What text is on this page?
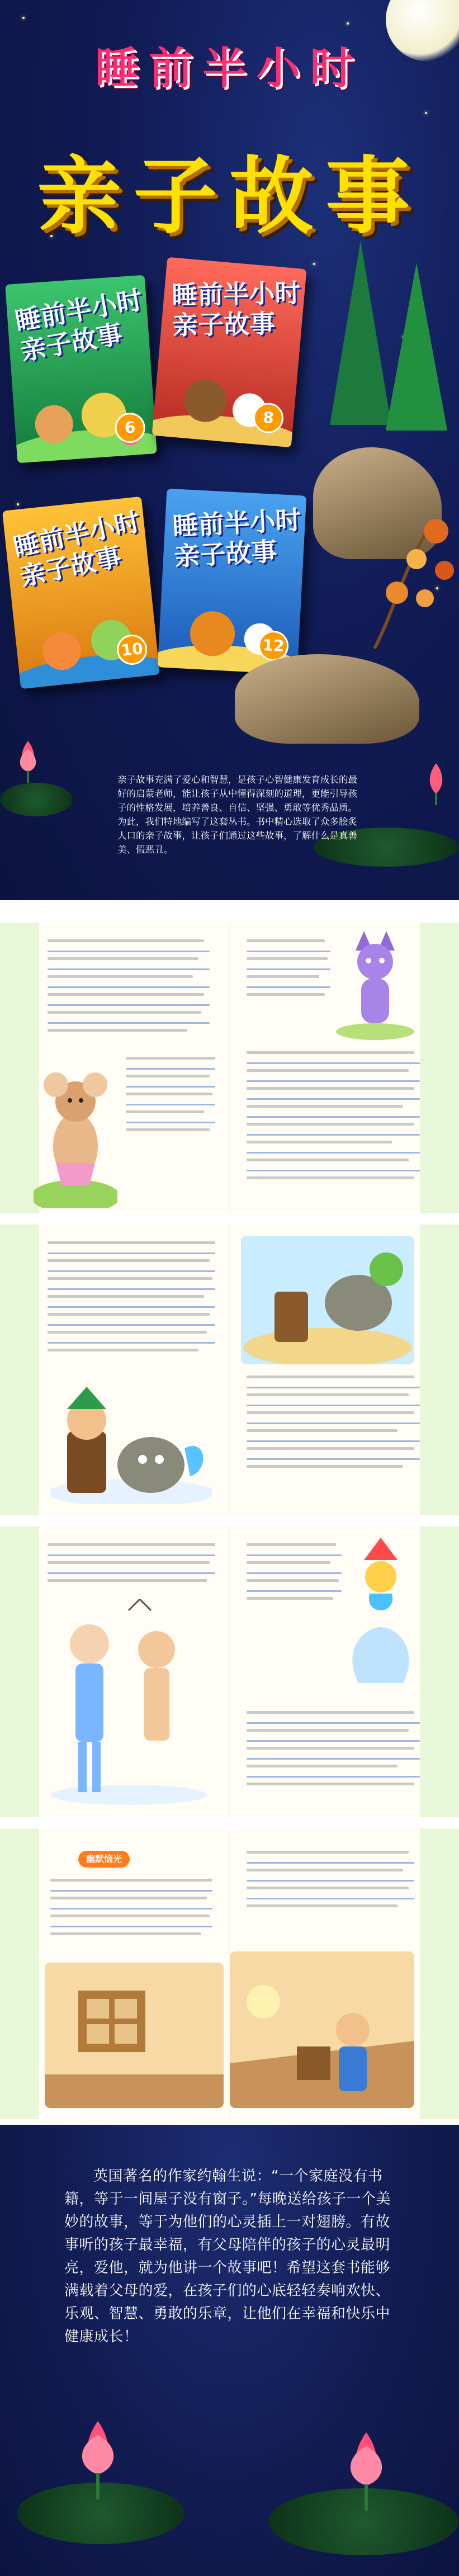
睡前半小时
亲子故事
睡前半小时
亲子故事
6
睡前半小时
亲子故事
8
睡前半小时
亲子故事
10
睡前半小时
亲子故事
12

亲子故事充满了爱心和智慧，是孩子心智健康发育成长的最好的启蒙老师，能让孩子从中懂得深刻的道理，更能引导孩子的性格发展，培养善良、自信、坚强、勇敢等优秀品质。为此，我们特地编写了这套丛书。书中精心选取了众多脍炙人口的亲子故事，让孩子们通过这些故事，了解什么是真善美、假恶丑。

幽默恼光

英国著名的作家约翰生说：“一个家庭没有书籍，等于一间屋子没有窗子。”每晚送给孩子一个美妙的故事，等于为他们的心灵插上一对翅膀。有故事听的孩子最幸福，有父母陪伴的孩子的心灵最明亮，爱他，就为他讲一个故事吧！希望这套书能够满载着父母的爱，在孩子们的心底轻轻奏响欢快、乐观、智慧、勇敢的乐章，让他们在幸福和快乐中健康成长！
